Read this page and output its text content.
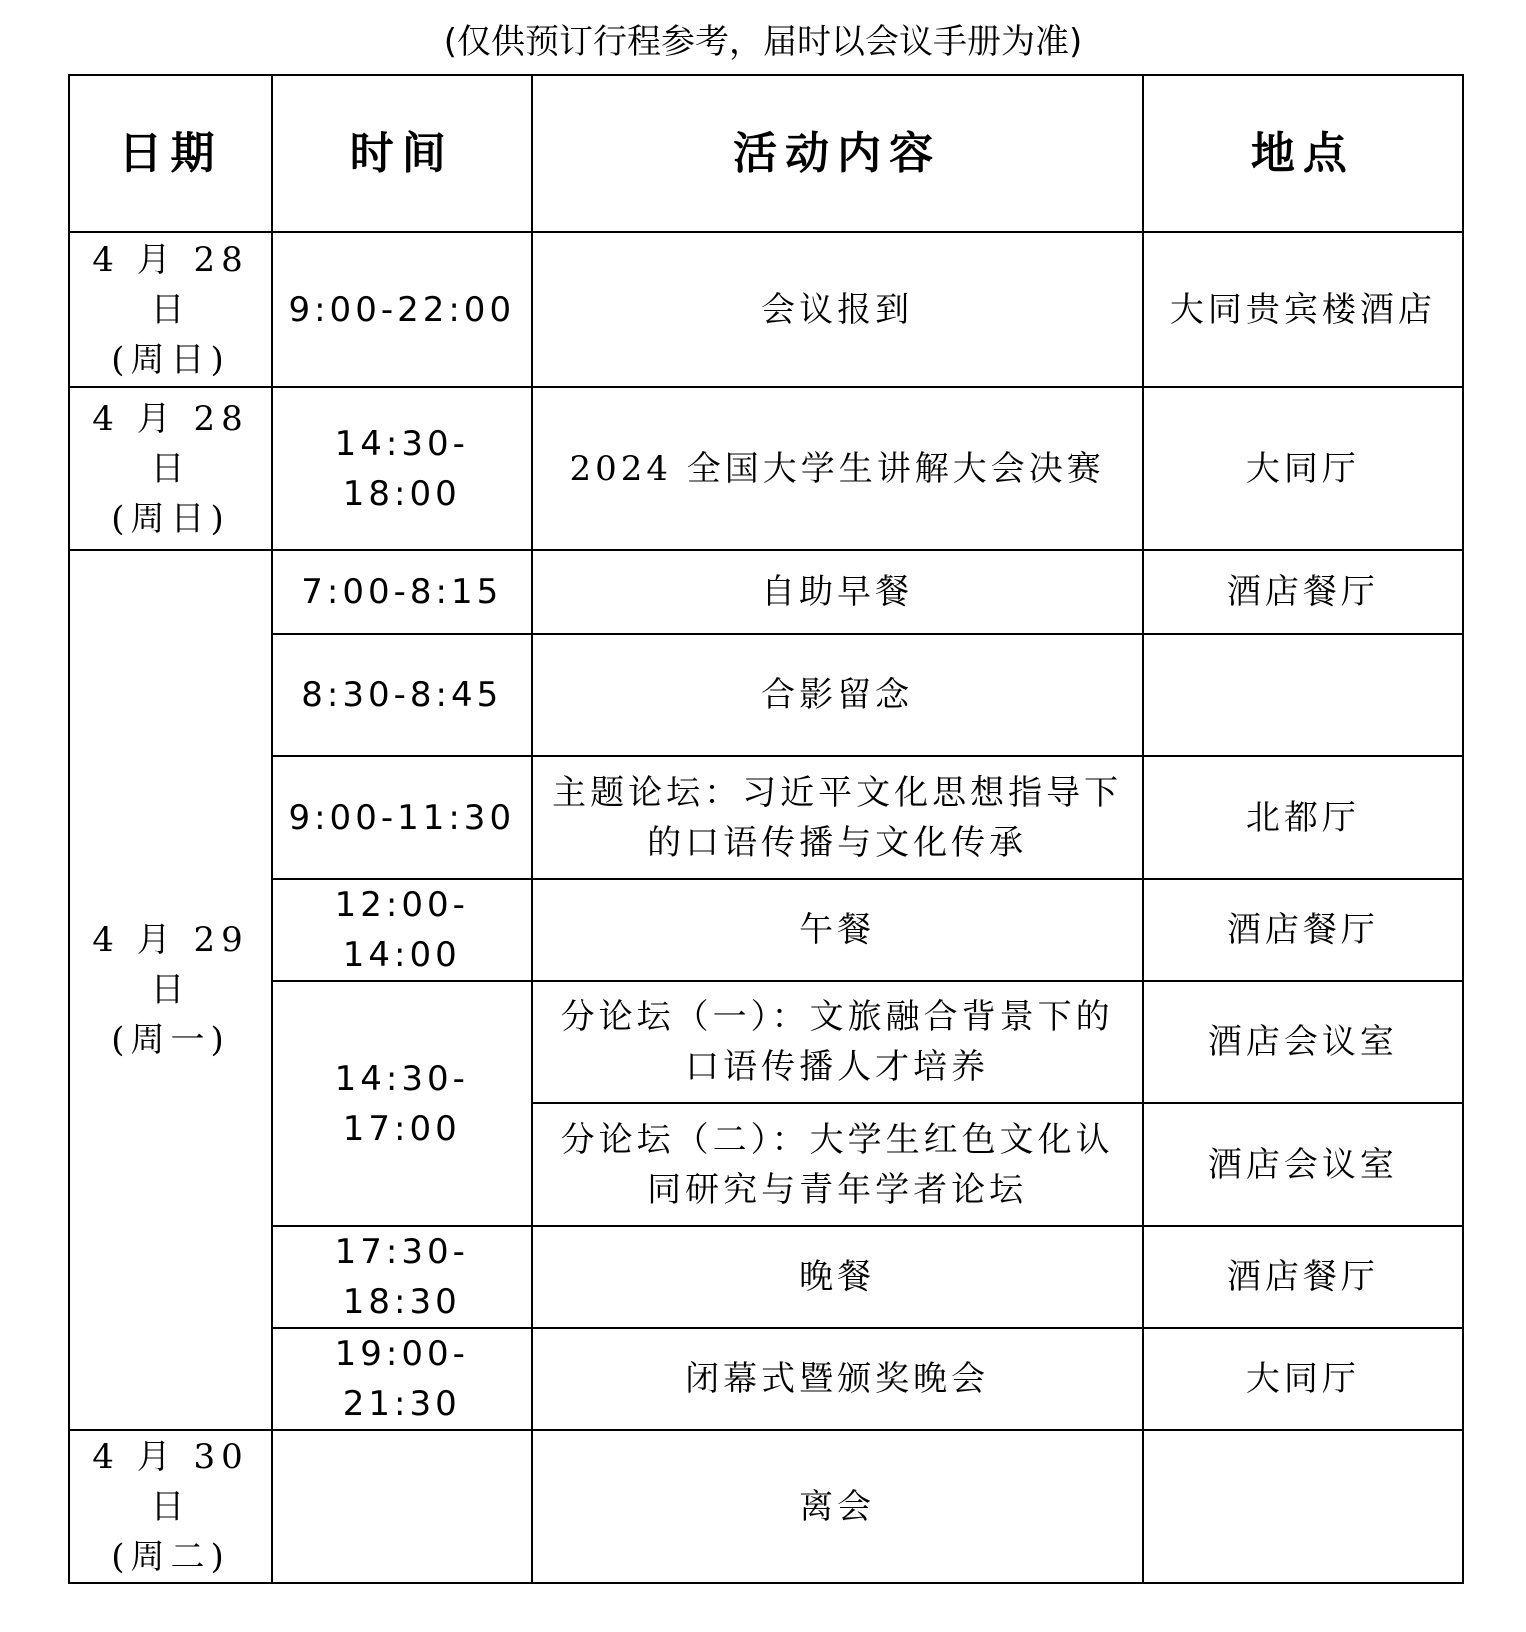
(仅供预订行程参考，届时以会议手册为准)
日期	时间	活动内容	地点

4 月 28 日
(周日)	9:00-22:00	会议报到	大同贵宾楼酒店

4 月 28 日
(周日)	14:30-18:00	2024 全国大学生讲解大会决赛	大同厅

4 月 29 日
(周一)	7:00-8:15	自助早餐	酒店餐厅
	8:30-8:45	合影留念	
	9:00-11:30	主题论坛：习近平文化思想指导下的口语传播与文化传承	北都厅
	12:00-14:00	午餐	酒店餐厅
	14:30-17:00	分论坛（一）：文旅融合背景下的口语传播人才培养	酒店会议室
		分论坛（二）：大学生红色文化认同研究与青年学者论坛	酒店会议室
	17:30-18:30	晚餐	酒店餐厅
	19:00-21:30	闭幕式暨颁奖晚会	大同厅

4 月 30 日
(周二)		离会	
